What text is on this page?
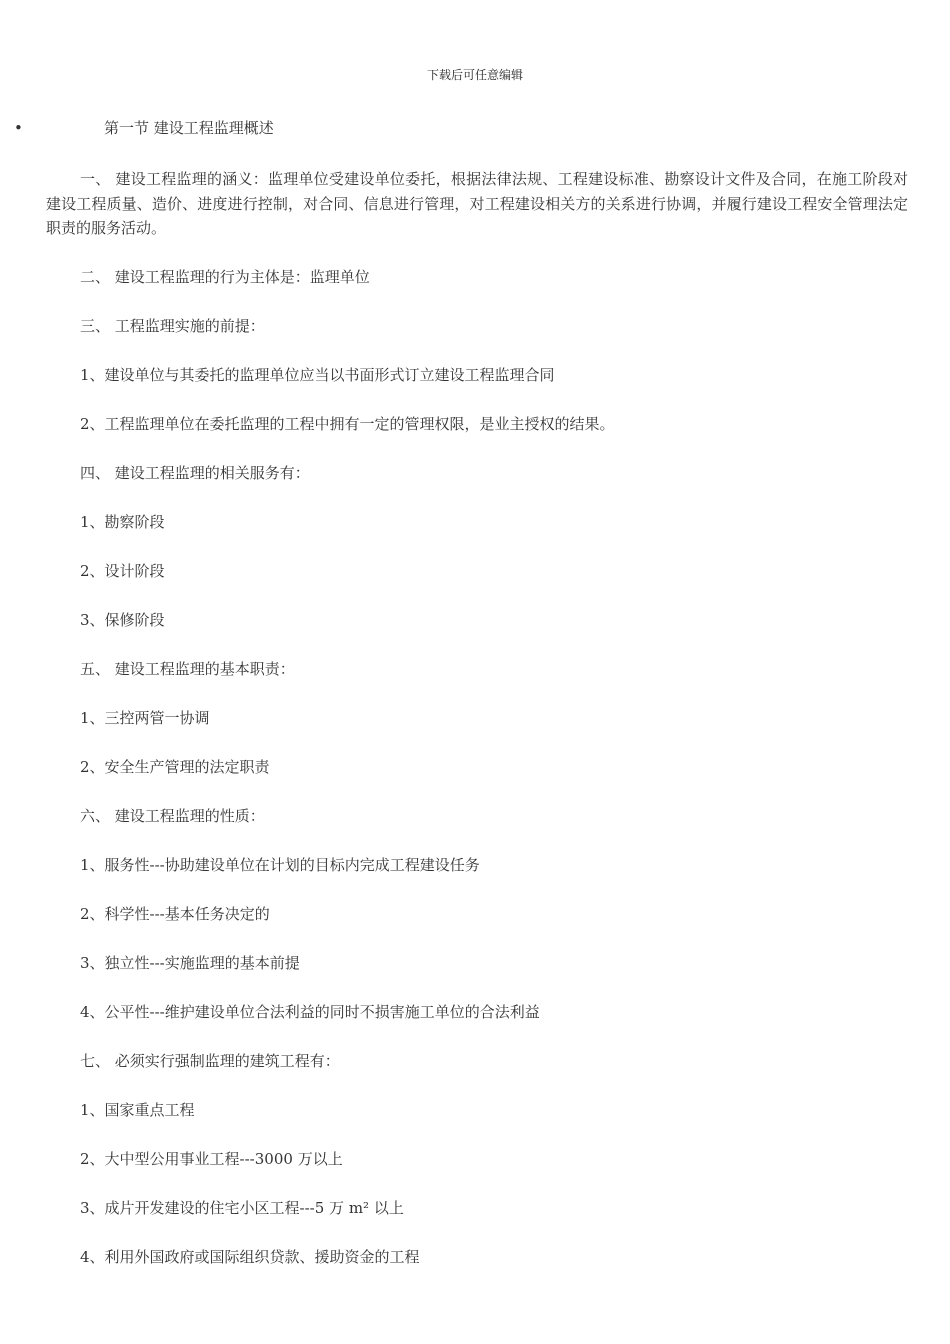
下载后可任意编辑
•	第一节 建设工程监理概述

一、 建设工程监理的涵义：监理单位受建设单位委托，根据法律法规、工程建设标准、勘察设计文件及合同，在施工阶段对建设工程质量、造价、进度进行控制，对合同、信息进行管理，对工程建设相关方的关系进行协调，并履行建设工程安全管理法定职责的服务活动。

二、 建设工程监理的行为主体是：监理单位

三、 工程监理实施的前提：

1、建设单位与其委托的监理单位应当以书面形式订立建设工程监理合同

2、工程监理单位在委托监理的工程中拥有一定的管理权限，是业主授权的结果。

四、 建设工程监理的相关服务有：

1、勘察阶段

2、设计阶段

3、保修阶段

五、 建设工程监理的基本职责：

1、三控两管一协调

2、安全生产管理的法定职责

六、 建设工程监理的性质：

1、服务性---协助建设单位在计划的目标内完成工程建设任务

2、科学性---基本任务决定的

3、独立性---实施监理的基本前提

4、公平性---维护建设单位合法利益的同时不损害施工单位的合法利益

七、 必须实行强制监理的建筑工程有：

1、国家重点工程

2、大中型公用事业工程---3000 万以上

3、成片开发建设的住宅小区工程---5 万 m² 以上

4、利用外国政府或国际组织贷款、援助资金的工程
